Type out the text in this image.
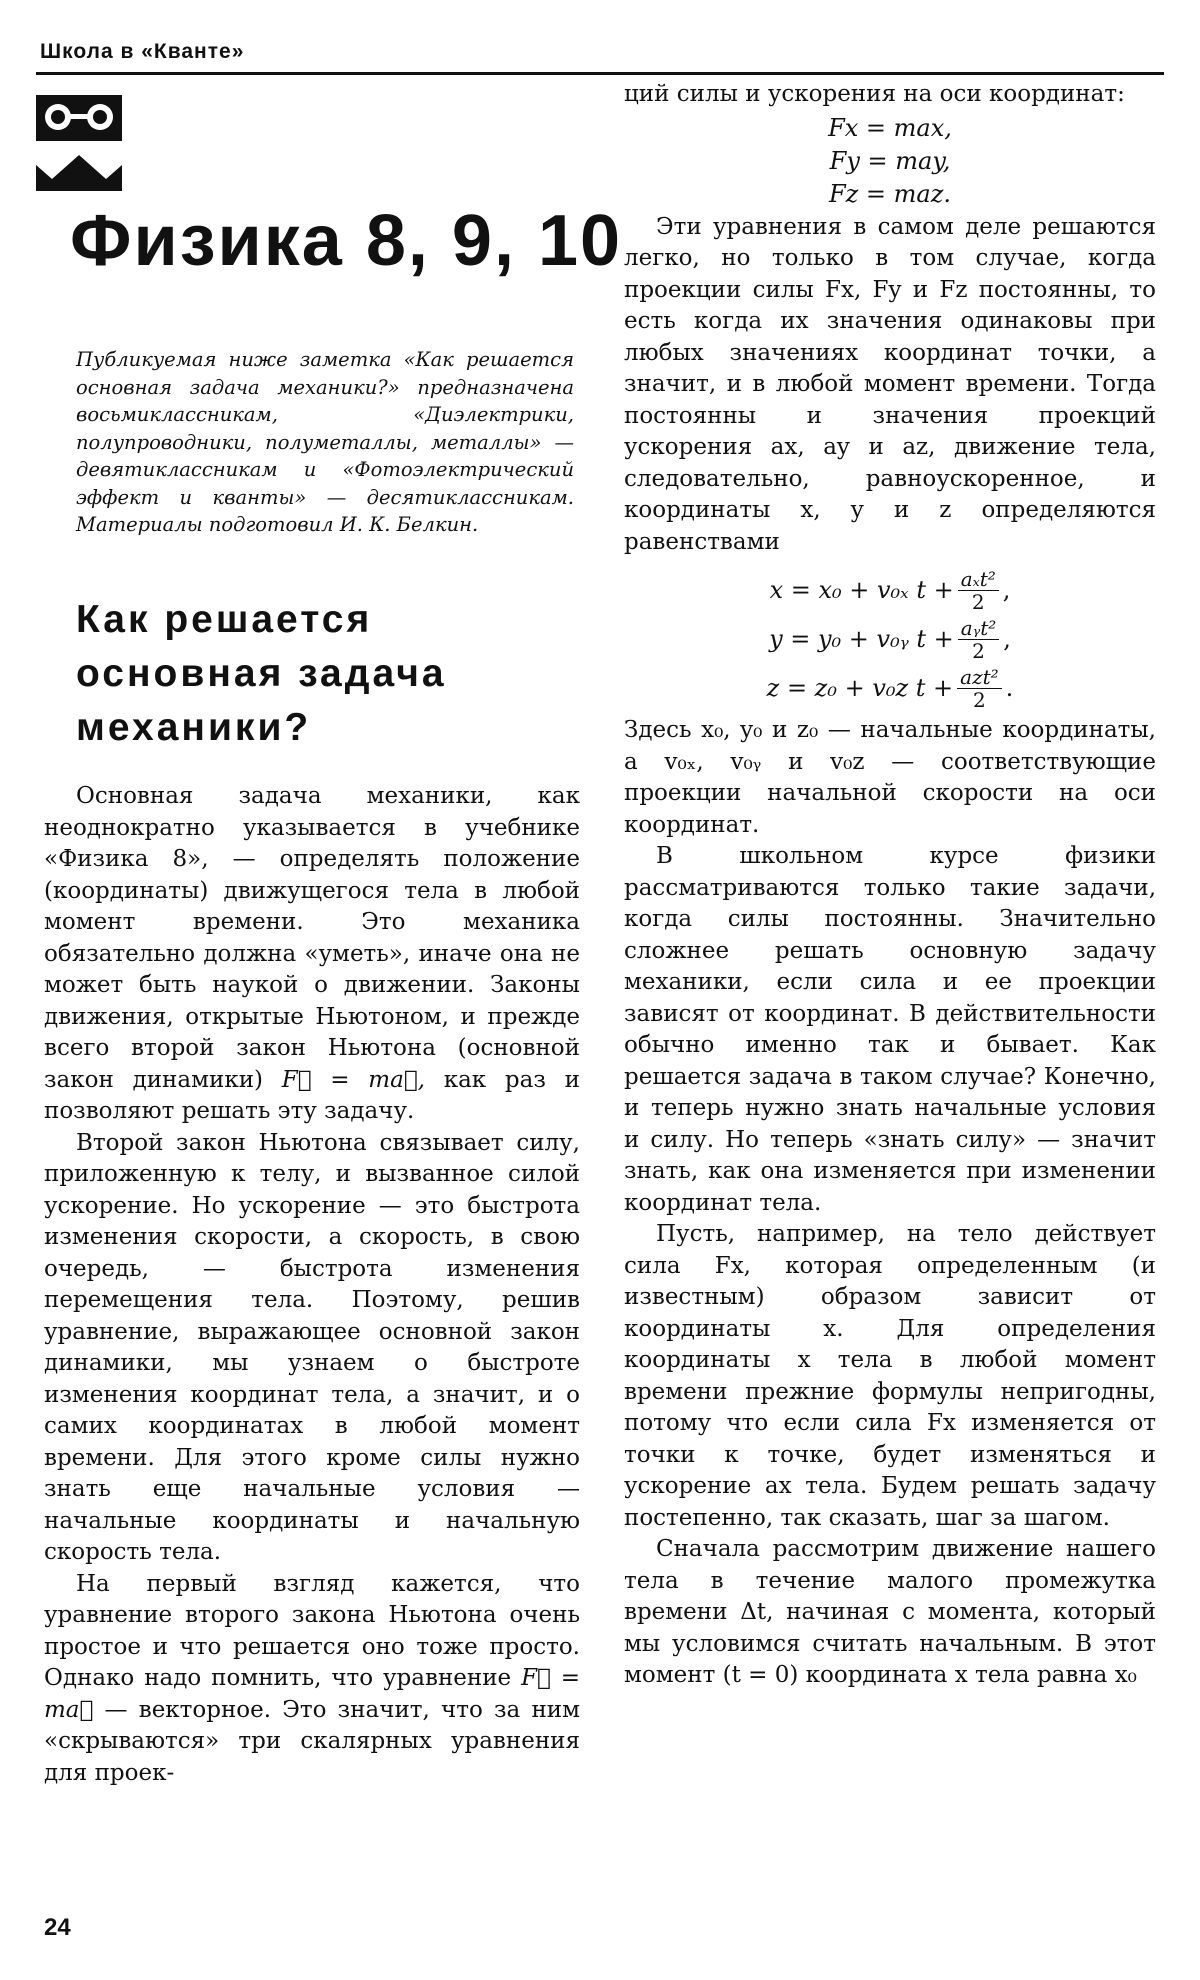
Школа в «Кванте»
Физика 8, 9, 10
Публикуемая ниже заметка «Как решается основная задача механики?» предназначена восьмиклассникам, «Диэлектрики, полупроводники, полуметаллы, металлы» — девятиклассникам и «Фотоэлектрический эффект и кванты» — десятиклассникам. Материалы подготовил И. К. Белкин.
Как решается основная задача механики?

Основная задача механики, как неоднократно указывается в учебнике «Физика 8», — определять положение (координаты) движущегося тела в любой момент времени. Это механика обязательно должна «уметь», иначе она не может быть наукой о движении. Законы движения, открытые Ньютоном, и прежде всего второй закон Ньютона (основной закон динамики) F⃗ = ma⃗, как раз и позволяют решать эту задачу.

Второй закон Ньютона связывает силу, приложенную к телу, и вызванное силой ускорение. Но ускорение — это быстрота изменения скорости, а скорость, в свою очередь, — быстрота изменения перемещения тела. Поэтому, решив уравнение, выражающее основной закон динамики, мы узнаем о быстроте изменения координат тела, а значит, и о самих координатах в любой момент времени. Для этого кроме силы нужно знать еще начальные условия — начальные координаты и начальную скорость тела.

На первый взгляд кажется, что уравнение второго закона Ньютона очень простое и что решается оно тоже просто. Однако надо помнить, что уравнение F⃗ = ma⃗ — векторное. Это значит, что за ним «скрываются» три скалярных уравнения для проек-

ций силы и ускорения на оси координат:

Fx = max,
Fy = may,
Fz = maz.

Эти уравнения в самом деле решаются легко, но только в том случае, когда проекции силы Fx, Fy и Fz постоянны, то есть когда их значения одинаковы при любых значениях координат точки, а значит, и в любой момент времени. Тогда постоянны и значения проекций ускорения ax, ay и az, движение тела, следовательно, равноускоренное, и координаты x, y и z определяются равенствами

x = x₀ + v₀ₓ $t + \frac{\text{aₓt²}}{2}$ ,
y = y₀ + v₀ᵧ $t + \frac{\text{aᵧt²}}{2}$ ,
z = z₀ + v₀z $t + \frac{\text{azt²}}{2}$ .

Здесь x₀, y₀ и z₀ — начальные координаты, а v₀ₓ, v₀ᵧ и v₀z — соответствующие проекции начальной скорости на оси координат.

В школьном курсе физики рассматриваются только такие задачи, когда силы постоянны. Значительно сложнее решать основную задачу механики, если сила и ее проекции зависят от координат. В действительности обычно именно так и бывает. Как решается задача в таком случае? Конечно, и теперь нужно знать начальные условия и силу. Но теперь «знать силу» — значит знать, как она изменяется при изменении координат тела.

Пусть, например, на тело действует сила Fx, которая определенным (и известным) образом зависит от координаты x. Для определения координаты x тела в любой момент времени прежние формулы непригодны, потому что если сила Fx изменяется от точки к точке, будет изменяться и ускорение ax тела. Будем решать задачу постепенно, так сказать, шаг за шагом.

Сначала рассмотрим движение нашего тела в течение малого промежутка времени Δt, начиная с момента, который мы условимся считать начальным. В этот момент (t = 0) координата x тела равна x₀

24
